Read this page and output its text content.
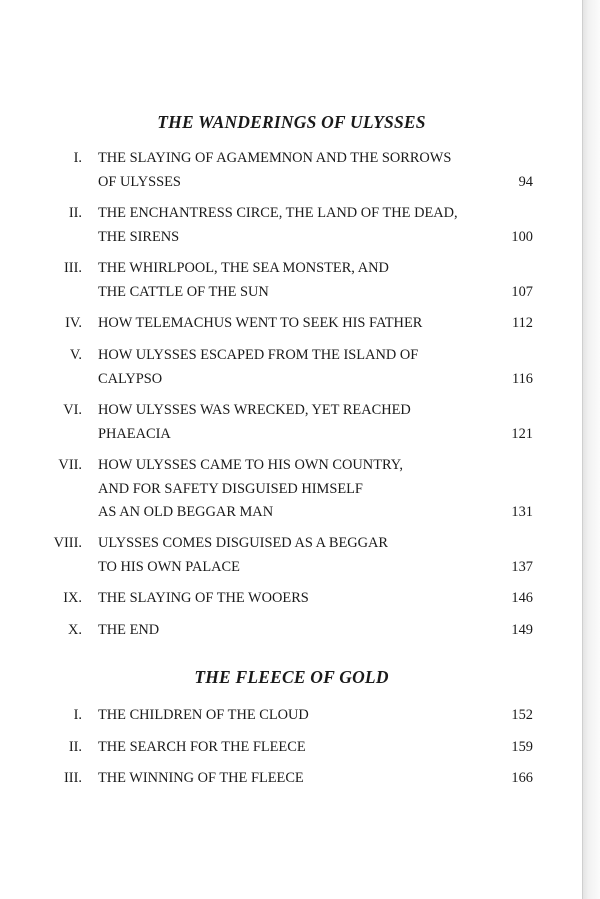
THE WANDERINGS OF ULYSSES
I. THE SLAYING OF AGAMEMNON AND THE SORROWS
OF ULYSSES	94
II. THE ENCHANTRESS CIRCE, THE LAND OF THE DEAD,
THE SIRENS	100
III. THE WHIRLPOOL, THE SEA MONSTER, AND
THE CATTLE OF THE SUN	107
IV. HOW TELEMACHUS WENT TO SEEK HIS FATHER	112
V. HOW ULYSSES ESCAPED FROM THE ISLAND OF
CALYPSO	116
VI. HOW ULYSSES WAS WRECKED, YET REACHED
PHAEACIA	121
VII. HOW ULYSSES CAME TO HIS OWN COUNTRY,
AND FOR SAFETY DISGUISED HIMSELF
AS AN OLD BEGGAR MAN	131
VIII. ULYSSES COMES DISGUISED AS A BEGGAR
TO HIS OWN PALACE	137
IX. THE SLAYING OF THE WOOERS	146
X. THE END	149
THE FLEECE OF GOLD
I. THE CHILDREN OF THE CLOUD	152
II. THE SEARCH FOR THE FLEECE	159
III. THE WINNING OF THE FLEECE	166
